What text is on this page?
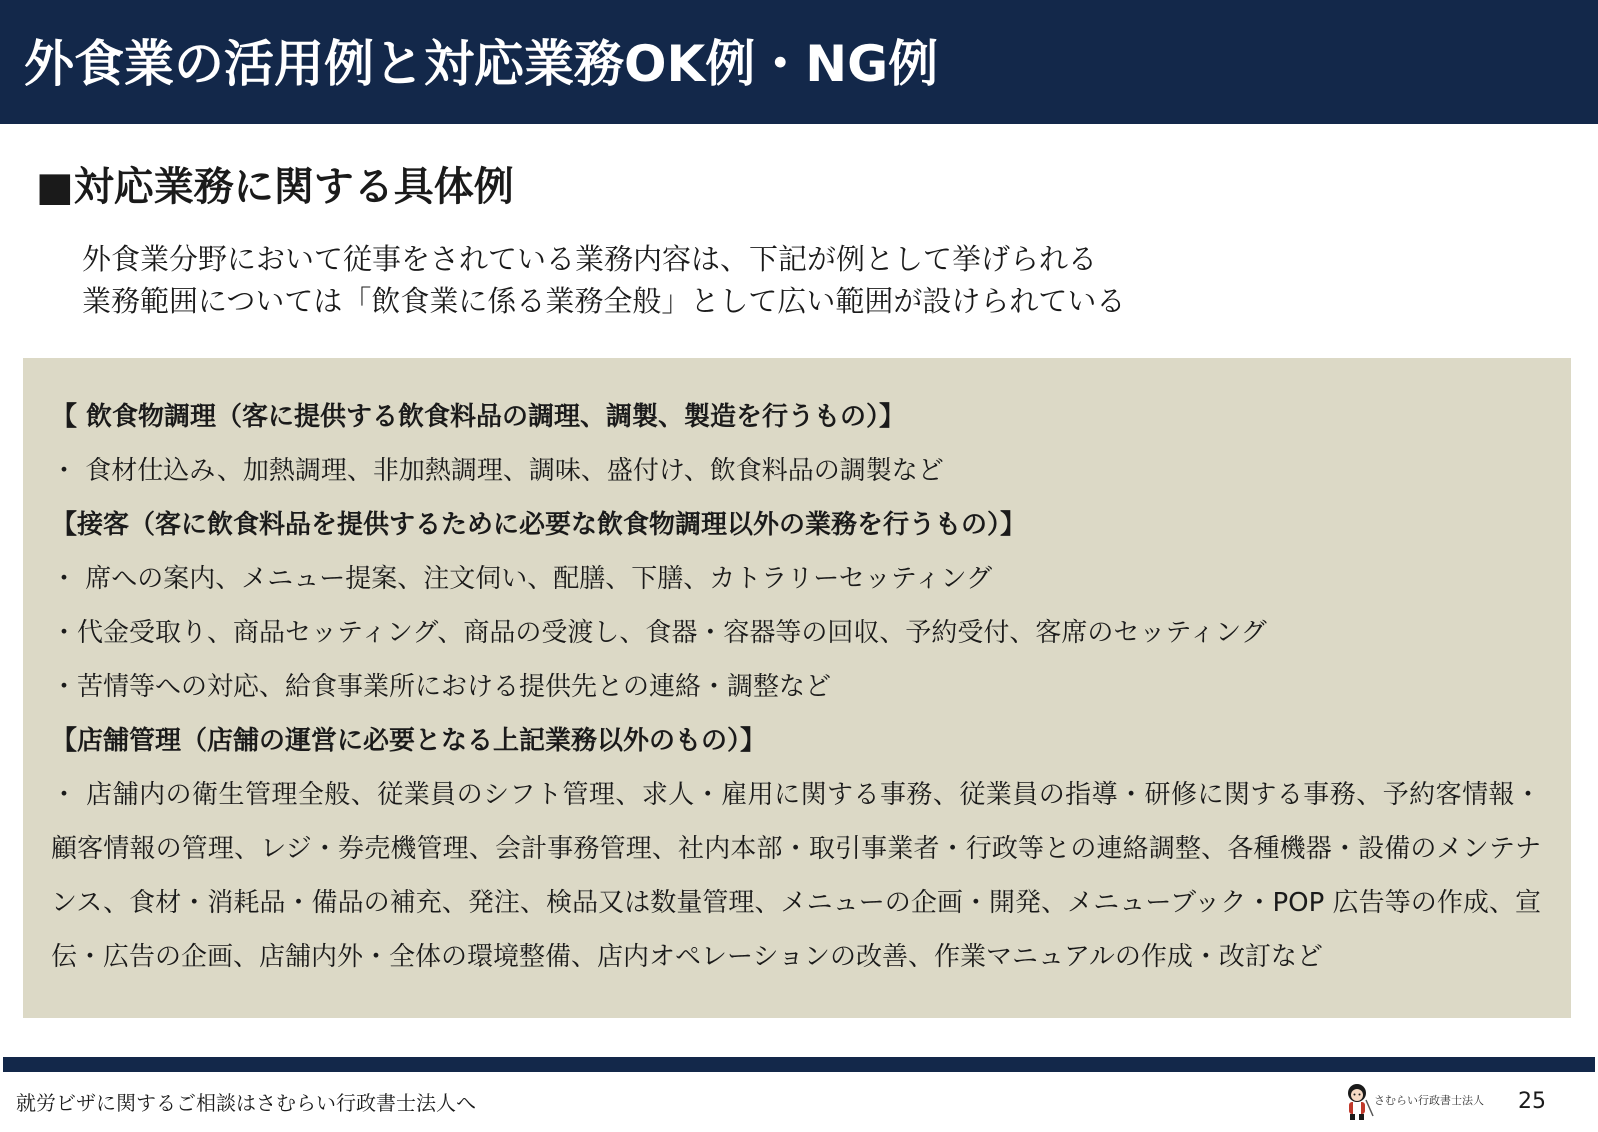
外食業の活用例と対応業務OK例・NG例
■対応業務に関する具体例
外食業分野において従事をされている業務内容は、下記が例として挙げられる
業務範囲については「飲食業に係る業務全般」として広い範囲が設けられている
【 飲食物調理（客に提供する飲食料品の調理、調製、製造を行うもの）】
・ 食材仕込み、加熱調理、非加熱調理、調味、盛付け、飲食料品の調製など
【接客（客に飲食料品を提供するために必要な飲食物調理以外の業務を行うもの）】
・ 席への案内、メニュー提案、注文伺い、配膳、下膳、カトラリーセッティング
・代金受取り、商品セッティング、商品の受渡し、食器・容器等の回収、予約受付、客席のセッティング
・苦情等への対応、給食事業所における提供先との連絡・調整など
【店舗管理（店舗の運営に必要となる上記業務以外のもの）】
・ 店舗内の衛生管理全般、従業員のシフト管理、求人・雇用に関する事務、従業員の指導・研修に関する事務、予約客情報・顧客情報の管理、レジ・券売機管理、会計事務管理、社内本部・取引事業者・行政等との連絡調整、各種機器・設備のメンテナンス、食材・消耗品・備品の補充、発注、検品又は数量管理、メニューの企画・開発、メニューブック・POP 広告等の作成、宣伝・広告の企画、店舗内外・全体の環境整備、店内オペレーションの改善、作業マニュアルの作成・改訂など
就労ビザに関するご相談はさむらい行政書士法人へ	さむらい行政書士法人 25
